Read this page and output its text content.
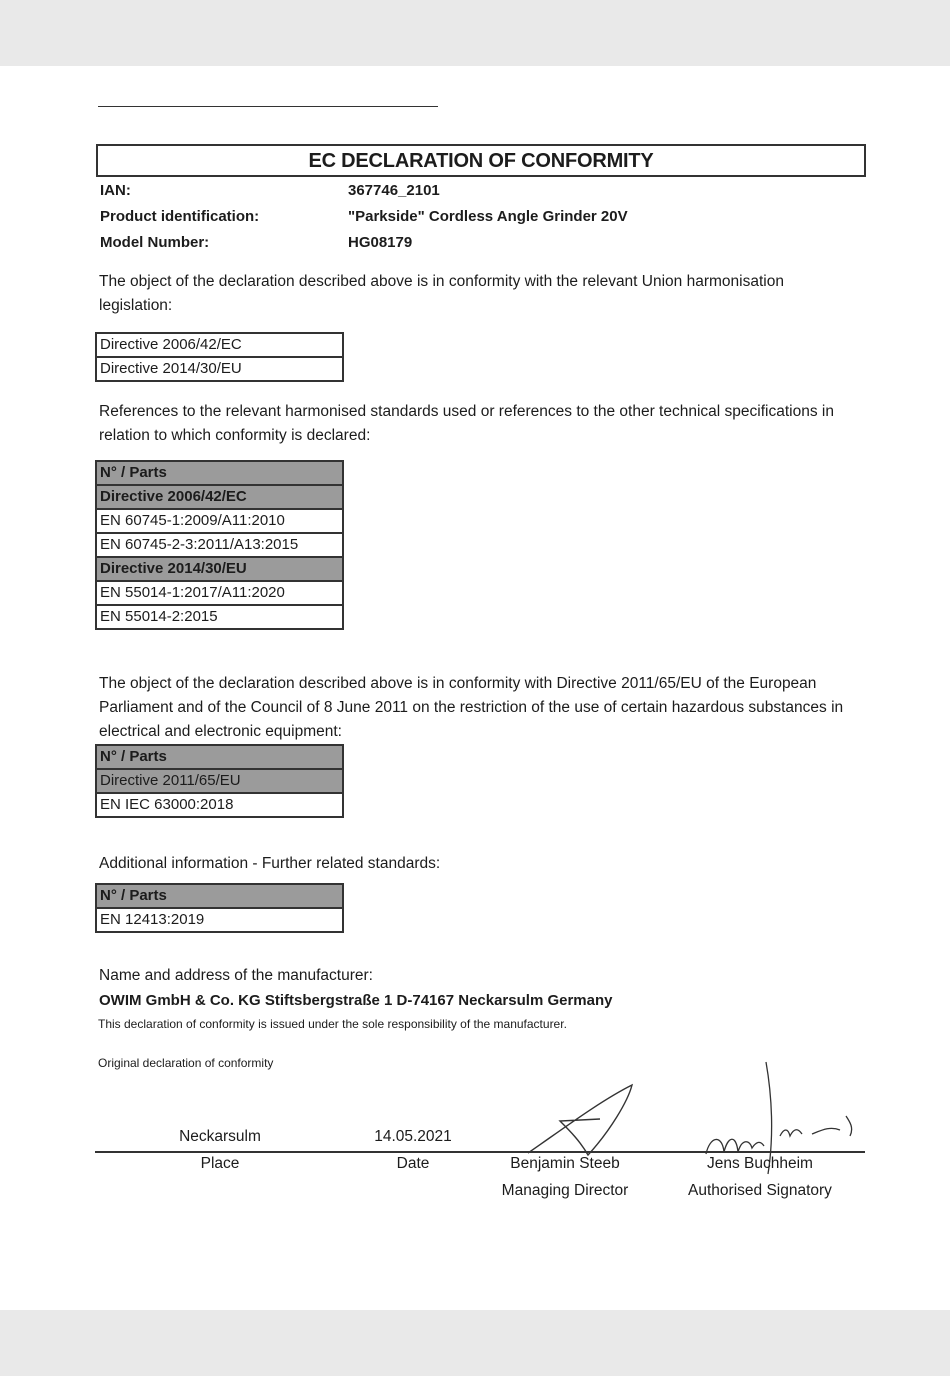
EC DECLARATION OF CONFORMITY
IAN:	367746_2101
Product identification:	"Parkside" Cordless Angle Grinder 20V
Model Number:	HG08179
The object of the declaration described above is in conformity with the relevant Union harmonisation legislation:
Directive 2006/42/EC
Directive 2014/30/EU
References to the relevant harmonised standards used or references to the other technical specifications in relation to which conformity is declared:
N° / Parts
Directive 2006/42/EC
EN 60745-1:2009/A11:2010
EN 60745-2-3:2011/A13:2015
Directive 2014/30/EU
EN 55014-1:2017/A11:2020
EN 55014-2:2015
The object of the declaration described above is in conformity with Directive 2011/65/EU of the European Parliament and of the Council of 8 June 2011 on the restriction of the use of certain hazardous substances in electrical and electronic equipment:
N° / Parts
Directive 2011/65/EU
EN IEC 63000:2018
Additional information - Further related standards:
N° / Parts
EN 12413:2019
Name and address of the manufacturer:
OWIM GmbH & Co. KG Stiftsbergstraße 1 D-74167 Neckarsulm Germany
This declaration of conformity is issued under the sole responsibility of the manufacturer.
Original declaration of conformity
Neckarsulm	14.05.2021
Place	Date	Benjamin Steeb
Managing Director
Jens Buchheim
Authorised Signatory
